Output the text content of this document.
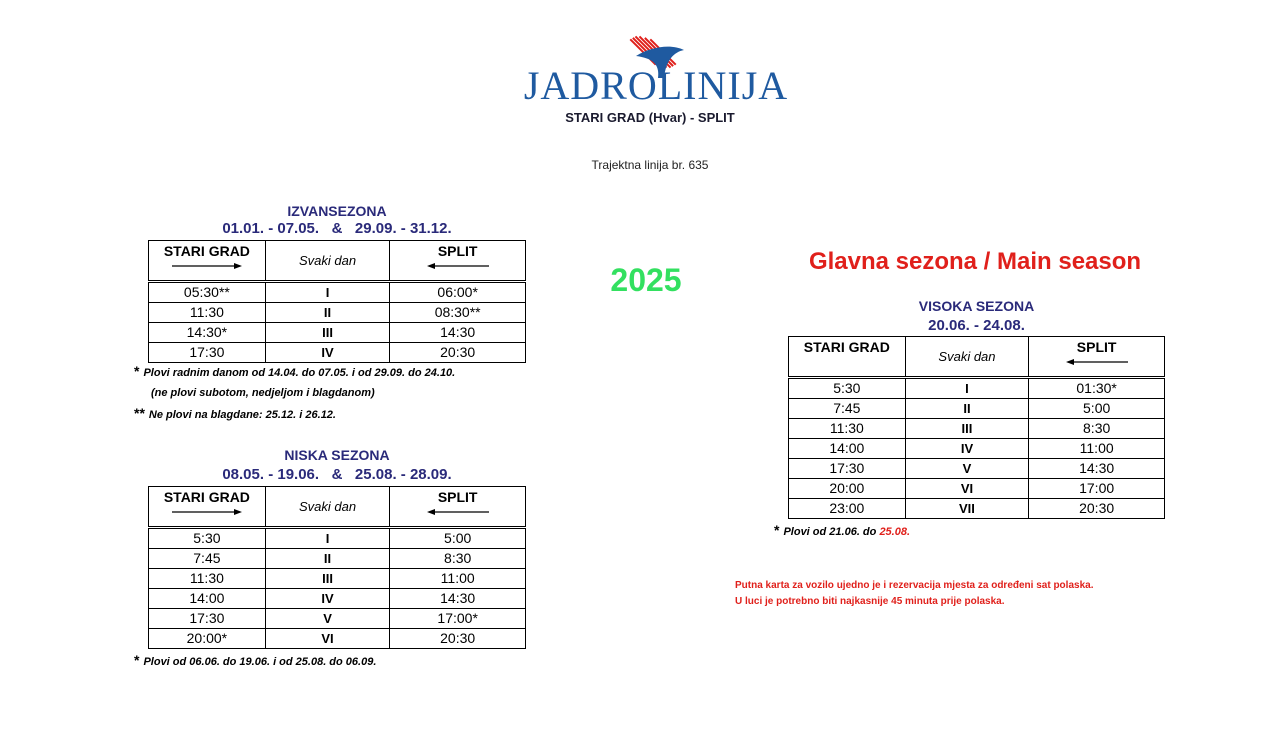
JADROLINIJA
STARI GRAD (Hvar) - SPLIT
Trajektna linija br. 635
2025
Glavna sezona / Main season
IZVANSEZONA
01.01. - 07.05.   &   29.09. - 31.12.
STARI GRAD	Svaki dan	SPLIT

05:30**	I	06:00*
11:30	II	08:30**
14:30*	III	14:30
17:30	IV	20:30
* Plovi radnim danom od 14.04. do 07.05. i od 29.09. do 24.10.
(ne plovi subotom, nedjeljom i blagdanom)
** Ne plovi na blagdane: 25.12. i 26.12.
NISKA SEZONA
08.05. - 19.06.   &   25.08. - 28.09.
STARI GRAD	Svaki dan	SPLIT

5:30	I	5:00
7:45	II	8:30
11:30	III	11:00
14:00	IV	14:30
17:30	V	17:00*
20:00*	VI	20:30
* Plovi od 06.06. do 19.06. i od 25.08. do 06.09.
VISOKA SEZONA
20.06. - 24.08.
STARI GRAD	Svaki dan	SPLIT

5:30	I	01:30*
7:45	II	5:00
11:30	III	8:30
14:00	IV	11:00
17:30	V	14:30
20:00	VI	17:00
23:00	VII	20:30
* Plovi od 21.06. do 25.08.
Putna karta za vozilo ujedno je i rezervacija mjesta za određeni sat polaska.
U luci je potrebno biti najkasnije 45 minuta prije polaska.
